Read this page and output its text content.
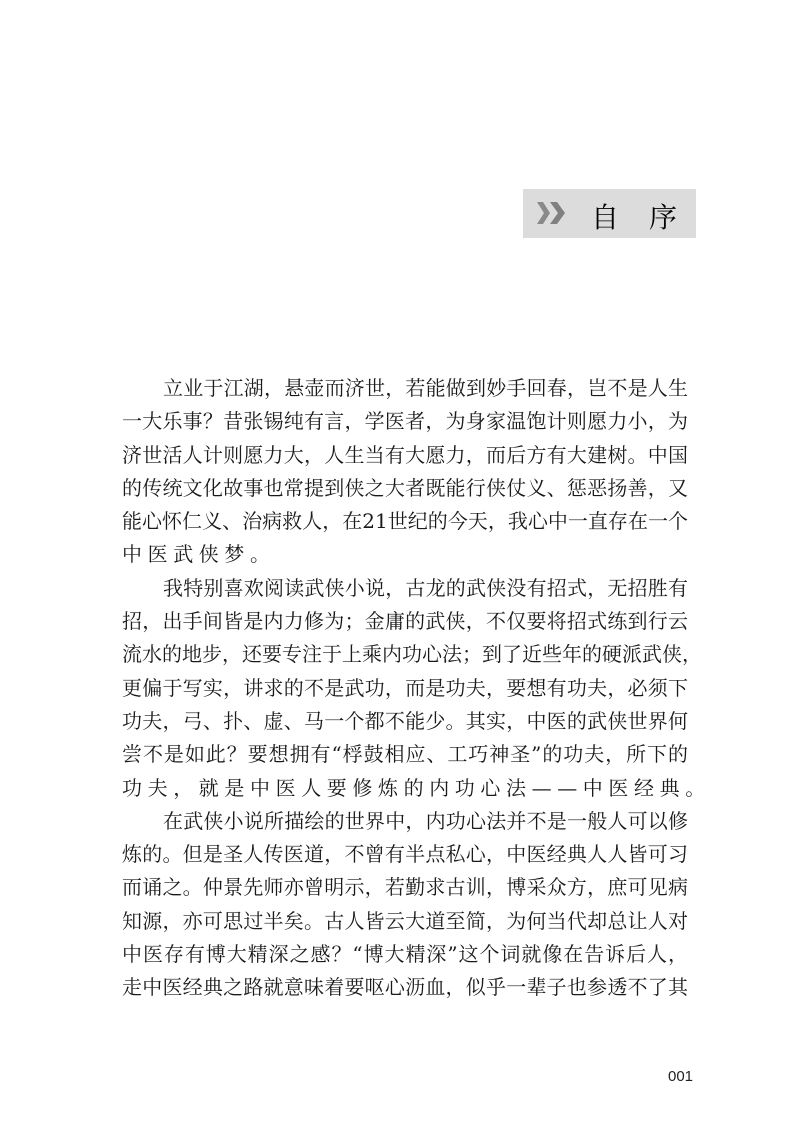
自序
立业于江湖，悬壶而济世，若能做到妙手回春，岂不是人生
一大乐事？昔张锡纯有言，学医者，为身家温饱计则愿力小，为
济世活人计则愿力大，人生当有大愿力，而后方有大建树。中国
的传统文化故事也常提到侠之大者既能行侠仗义、惩恶扬善，又
能心怀仁义、治病救人，在21世纪的今天，我心中一直存在一个
中医武侠梦。
我特别喜欢阅读武侠小说，古龙的武侠没有招式，无招胜有
招，出手间皆是内力修为；金庸的武侠，不仅要将招式练到行云
流水的地步，还要专注于上乘内功心法；到了近些年的硬派武侠，
更偏于写实，讲求的不是武功，而是功夫，要想有功夫，必须下
功夫，弓、扑、虚、马一个都不能少。其实，中医的武侠世界何
尝不是如此？要想拥有“桴鼓相应、工巧神圣”的功夫，所下的
功夫，就是中医人要修炼的内功心法——中医经典。
在武侠小说所描绘的世界中，内功心法并不是一般人可以修
炼的。但是圣人传医道，不曾有半点私心，中医经典人人皆可习
而诵之。仲景先师亦曾明示，若勤求古训，博采众方，庶可见病
知源，亦可思过半矣。古人皆云大道至简，为何当代却总让人对
中医存有博大精深之感？“博大精深”这个词就像在告诉后人，
走中医经典之路就意味着要呕心沥血，似乎一辈子也参透不了其
001
